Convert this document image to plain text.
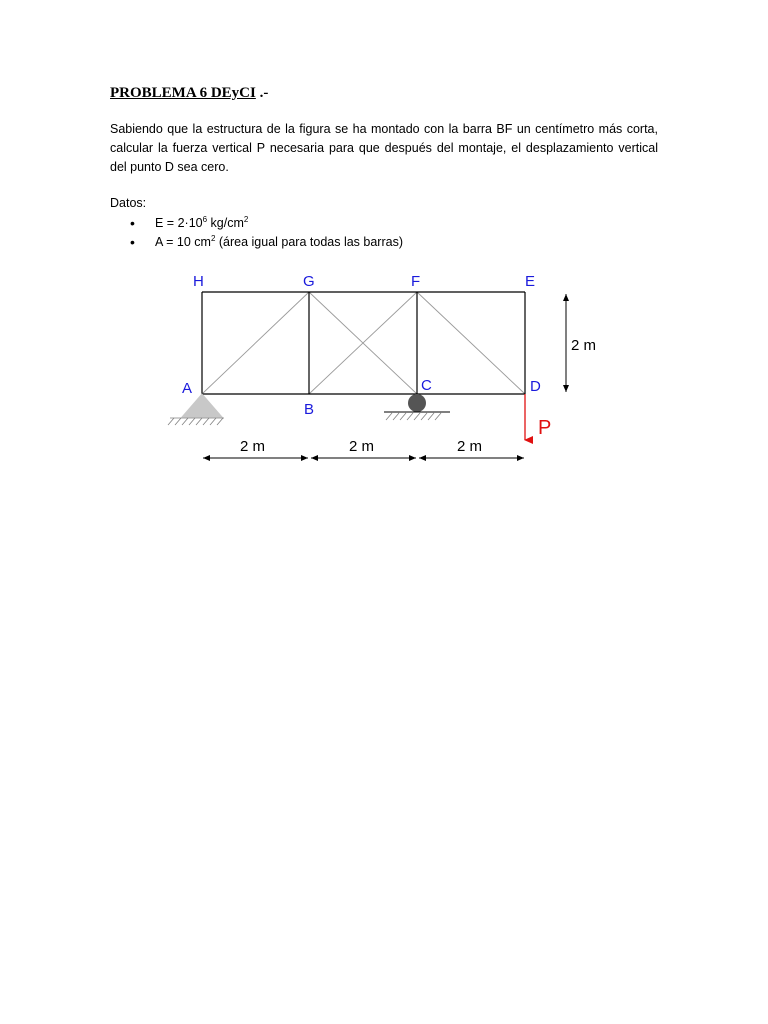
PROBLEMA 6 DEyCI .-
Sabiendo que la estructura de la figura se ha montado con la barra BF un centímetro más corta, calcular la fuerza vertical P necesaria para que después del montaje, el desplazamiento vertical del punto D sea cero.
Datos:
• $E = 2\cdot 10^6$ $kg/cm^2$
• A = 10 $cm^2$ (área igual para todas las barras)
P
2 m
2 m	2 m	2 m
H	G	F	E
A
B
C	D
